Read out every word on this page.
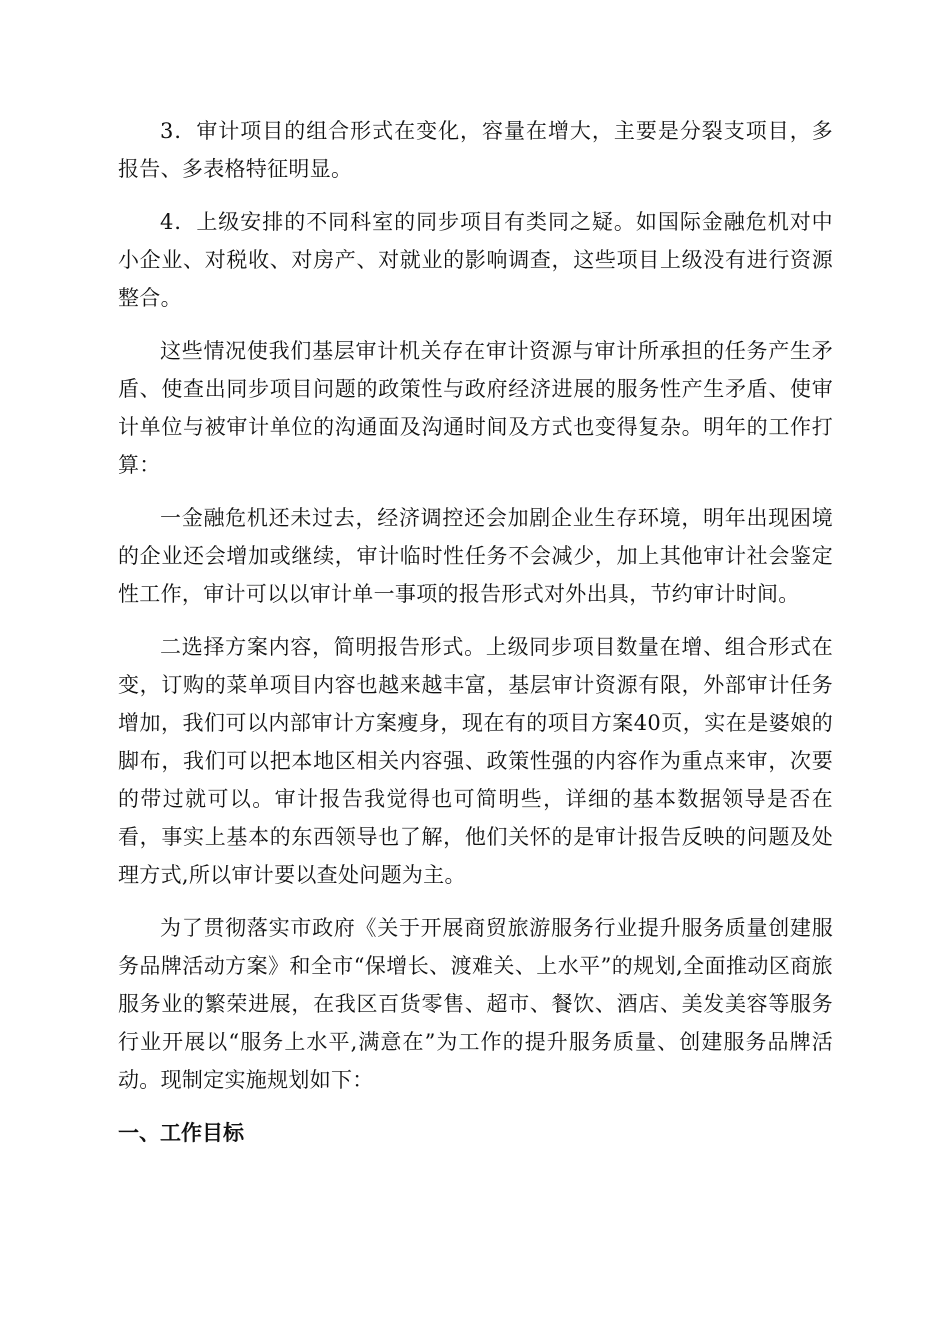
3．审计项目的组合形式在变化，容量在增大，主要是分裂支项目，多报告、多表格特征明显。

4．上级安排的不同科室的同步项目有类同之疑。如国际金融危机对中小企业、对税收、对房产、对就业的影响调查，这些项目上级没有进行资源整合。

这些情况使我们基层审计机关存在审计资源与审计所承担的任务产生矛盾、使查出同步项目问题的政策性与政府经济进展的服务性产生矛盾、使审计单位与被审计单位的沟通面及沟通时间及方式也变得复杂。明年的工作打算：

一金融危机还未过去，经济调控还会加剧企业生存环境，明年出现困境的企业还会增加或继续，审计临时性任务不会减少，加上其他审计社会鉴定性工作，审计可以以审计单一事项的报告形式对外出具，节约审计时间。

二选择方案内容，简明报告形式。上级同步项目数量在增、组合形式在变，订购的菜单项目内容也越来越丰富，基层审计资源有限，外部审计任务增加，我们可以内部审计方案瘦身，现在有的项目方案40页，实在是婆娘的脚布，我们可以把本地区相关内容强、政策性强的内容作为重点来审，次要的带过就可以。审计报告我觉得也可简明些，详细的基本数据领导是否在看，事实上基本的东西领导也了解，他们关怀的是审计报告反映的问题及处理方式,所以审计要以查处问题为主。

为了贯彻落实市政府《关于开展商贸旅游服务行业提升服务质量创建服务品牌活动方案》和全市“保增长、渡难关、上水平”的规划,全面推动区商旅服务业的繁荣进展，在我区百货零售、超市、餐饮、酒店、美发美容等服务行业开展以“服务上水平,满意在”为工作的提升服务质量、创建服务品牌活动。现制定实施规划如下：

一、工作目标
